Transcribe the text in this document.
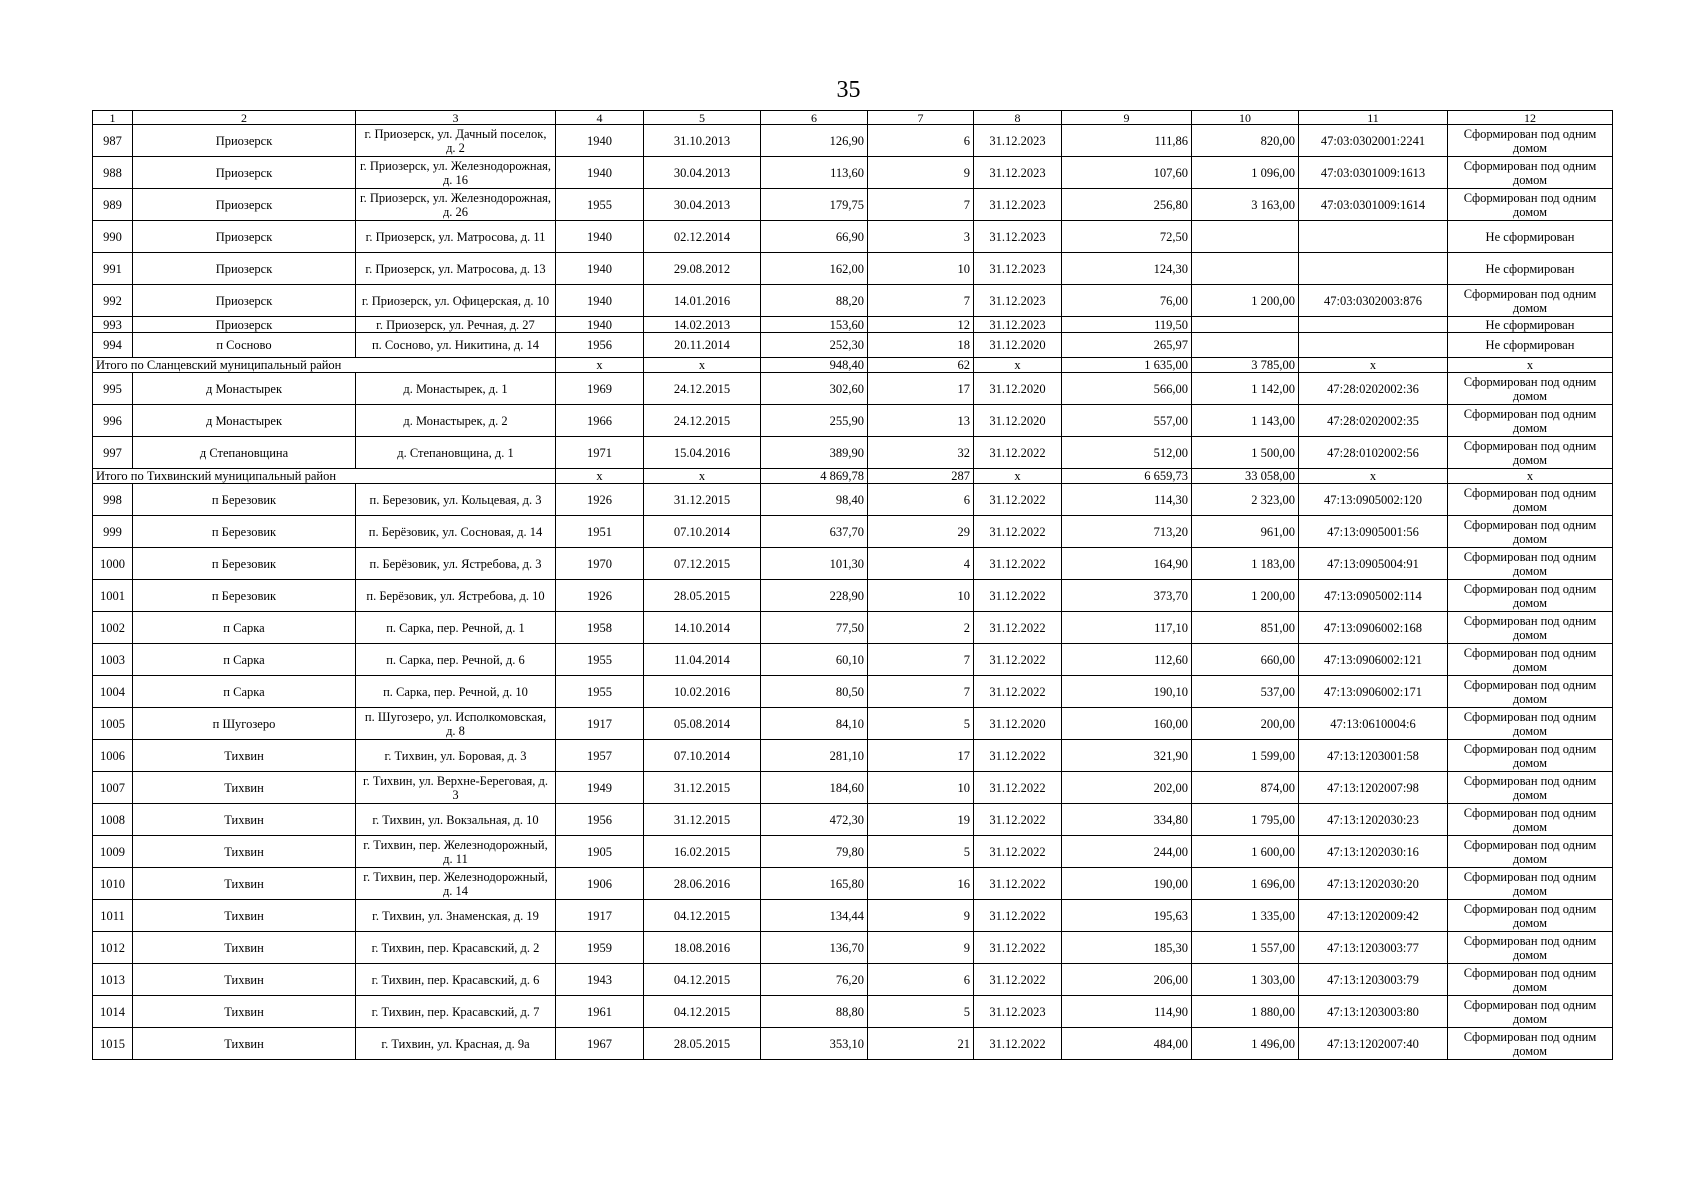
35
1	2	3	4	5	6	7	8	9	10	11	12
987	Приозерск	г. Приозерск, ул. Дачный поселок, д. 2	1940	31.10.2013	126,90	6	31.12.2023	111,86	820,00	47:03:0302001:2241	Сформирован под одним домом
988	Приозерск	г. Приозерск, ул. Железнодорожная, д. 16	1940	30.04.2013	113,60	9	31.12.2023	107,60	1 096,00	47:03:0301009:1613	Сформирован под одним домом
989	Приозерск	г. Приозерск, ул. Железнодорожная, д. 26	1955	30.04.2013	179,75	7	31.12.2023	256,80	3 163,00	47:03:0301009:1614	Сформирован под одним домом
990	Приозерск	г. Приозерск, ул. Матросова, д. 11	1940	02.12.2014	66,90	3	31.12.2023	72,50			Не сформирован
991	Приозерск	г. Приозерск, ул. Матросова, д. 13	1940	29.08.2012	162,00	10	31.12.2023	124,30			Не сформирован
992	Приозерск	г. Приозерск, ул. Офицерская, д. 10	1940	14.01.2016	88,20	7	31.12.2023	76,00	1 200,00	47:03:0302003:876	Сформирован под одним домом
993	Приозерск	г. Приозерск, ул. Речная, д. 27	1940	14.02.2013	153,60	12	31.12.2023	119,50			Не сформирован
994	п Сосново	п. Сосново, ул. Никитина, д. 14	1956	20.11.2014	252,30	18	31.12.2020	265,97			Не сформирован
Итого по Сланцевский муниципальный район			x	x	948,40	62	x	1 635,00	3 785,00	x	x
995	д Монастырек	д. Монастырек, д. 1	1969	24.12.2015	302,60	17	31.12.2020	566,00	1 142,00	47:28:0202002:36	Сформирован под одним домом
996	д Монастырек	д. Монастырек, д. 2	1966	24.12.2015	255,90	13	31.12.2020	557,00	1 143,00	47:28:0202002:35	Сформирован под одним домом
997	д Степановщина	д. Степановщина, д. 1	1971	15.04.2016	389,90	32	31.12.2022	512,00	1 500,00	47:28:0102002:56	Сформирован под одним домом
Итого по Тихвинский муниципальный район			x	x	4 869,78	287	x	6 659,73	33 058,00	x	x
998	п Березовик	п. Березовик, ул. Кольцевая, д. 3	1926	31.12.2015	98,40	6	31.12.2022	114,30	2 323,00	47:13:0905002:120	Сформирован под одним домом
999	п Березовик	п. Берёзовик, ул. Сосновая, д. 14	1951	07.10.2014	637,70	29	31.12.2022	713,20	961,00	47:13:0905001:56	Сформирован под одним домом
1000	п Березовик	п. Берёзовик, ул. Ястребова, д. 3	1970	07.12.2015	101,30	4	31.12.2022	164,90	1 183,00	47:13:0905004:91	Сформирован под одним домом
1001	п Березовик	п. Берёзовик, ул. Ястребова, д. 10	1926	28.05.2015	228,90	10	31.12.2022	373,70	1 200,00	47:13:0905002:114	Сформирован под одним домом
1002	п Сарка	п. Сарка, пер. Речной, д. 1	1958	14.10.2014	77,50	2	31.12.2022	117,10	851,00	47:13:0906002:168	Сформирован под одним домом
1003	п Сарка	п. Сарка, пер. Речной, д. 6	1955	11.04.2014	60,10	7	31.12.2022	112,60	660,00	47:13:0906002:121	Сформирован под одним домом
1004	п Сарка	п. Сарка, пер. Речной, д. 10	1955	10.02.2016	80,50	7	31.12.2022	190,10	537,00	47:13:0906002:171	Сформирован под одним домом
1005	п Шугозеро	п. Шугозеро, ул. Исполкомовская, д. 8	1917	05.08.2014	84,10	5	31.12.2020	160,00	200,00	47:13:0610004:6	Сформирован под одним домом
1006	Тихвин	г. Тихвин, ул. Боровая, д. 3	1957	07.10.2014	281,10	17	31.12.2022	321,90	1 599,00	47:13:1203001:58	Сформирован под одним домом
1007	Тихвин	г. Тихвин, ул. Верхне-Береговая, д. 3	1949	31.12.2015	184,60	10	31.12.2022	202,00	874,00	47:13:1202007:98	Сформирован под одним домом
1008	Тихвин	г. Тихвин, ул. Вокзальная, д. 10	1956	31.12.2015	472,30	19	31.12.2022	334,80	1 795,00	47:13:1202030:23	Сформирован под одним домом
1009	Тихвин	г. Тихвин, пер. Железнодорожный, д. 11	1905	16.02.2015	79,80	5	31.12.2022	244,00	1 600,00	47:13:1202030:16	Сформирован под одним домом
1010	Тихвин	г. Тихвин, пер. Железнодорожный, д. 14	1906	28.06.2016	165,80	16	31.12.2022	190,00	1 696,00	47:13:1202030:20	Сформирован под одним домом
1011	Тихвин	г. Тихвин, ул. Знаменская, д. 19	1917	04.12.2015	134,44	9	31.12.2022	195,63	1 335,00	47:13:1202009:42	Сформирован под одним домом
1012	Тихвин	г. Тихвин, пер. Красавский, д. 2	1959	18.08.2016	136,70	9	31.12.2022	185,30	1 557,00	47:13:1203003:77	Сформирован под одним домом
1013	Тихвин	г. Тихвин, пер. Красавский, д. 6	1943	04.12.2015	76,20	6	31.12.2022	206,00	1 303,00	47:13:1203003:79	Сформирован под одним домом
1014	Тихвин	г. Тихвин, пер. Красавский, д. 7	1961	04.12.2015	88,80	5	31.12.2023	114,90	1 880,00	47:13:1203003:80	Сформирован под одним домом
1015	Тихвин	г. Тихвин, ул. Красная, д. 9а	1967	28.05.2015	353,10	21	31.12.2022	484,00	1 496,00	47:13:1202007:40	Сформирован под одним домом
